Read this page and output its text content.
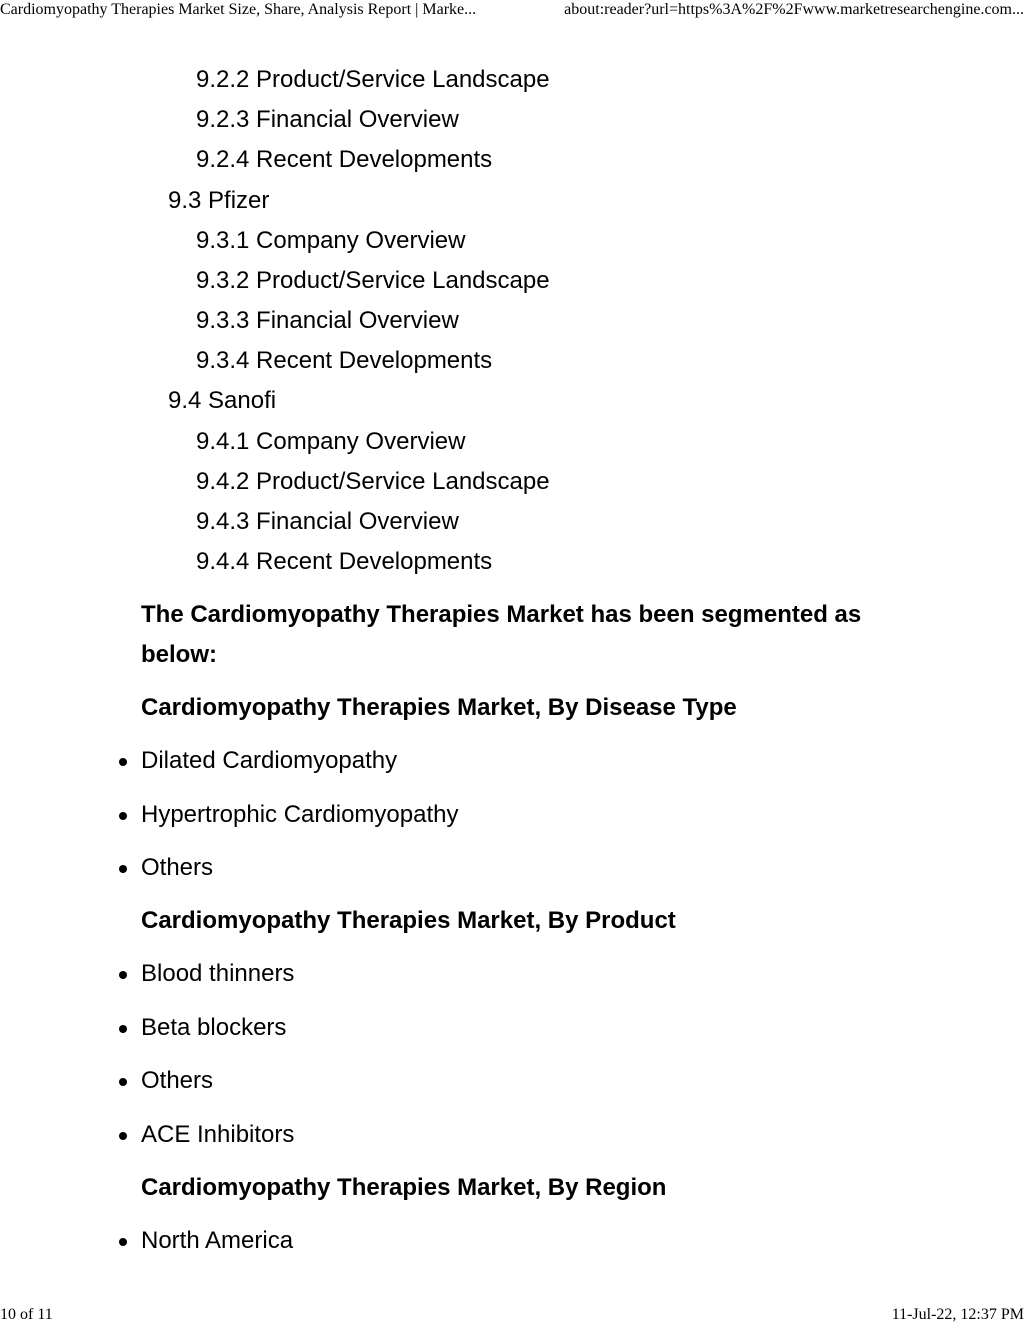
Cardiomyopathy Therapies Market Size, Share, Analysis Report | Marke...	about:reader?url=https%3A%2F%2Fwww.marketresearchengine.com...
9.2.2 Product/Service Landscape
9.2.3 Financial Overview
9.2.4 Recent Developments
9.3 Pfizer
9.3.1 Company Overview
9.3.2 Product/Service Landscape
9.3.3 Financial Overview
9.3.4 Recent Developments
9.4 Sanofi
9.4.1 Company Overview
9.4.2 Product/Service Landscape
9.4.3 Financial Overview
9.4.4 Recent Developments
The Cardiomyopathy Therapies Market has been segmented as below:
Cardiomyopathy Therapies Market, By Disease Type
Dilated Cardiomyopathy
Hypertrophic Cardiomyopathy
Others
Cardiomyopathy Therapies Market, By Product
Blood thinners
Beta blockers
Others
ACE Inhibitors
Cardiomyopathy Therapies Market, By Region
North America
10 of 11	11-Jul-22, 12:37 PM
